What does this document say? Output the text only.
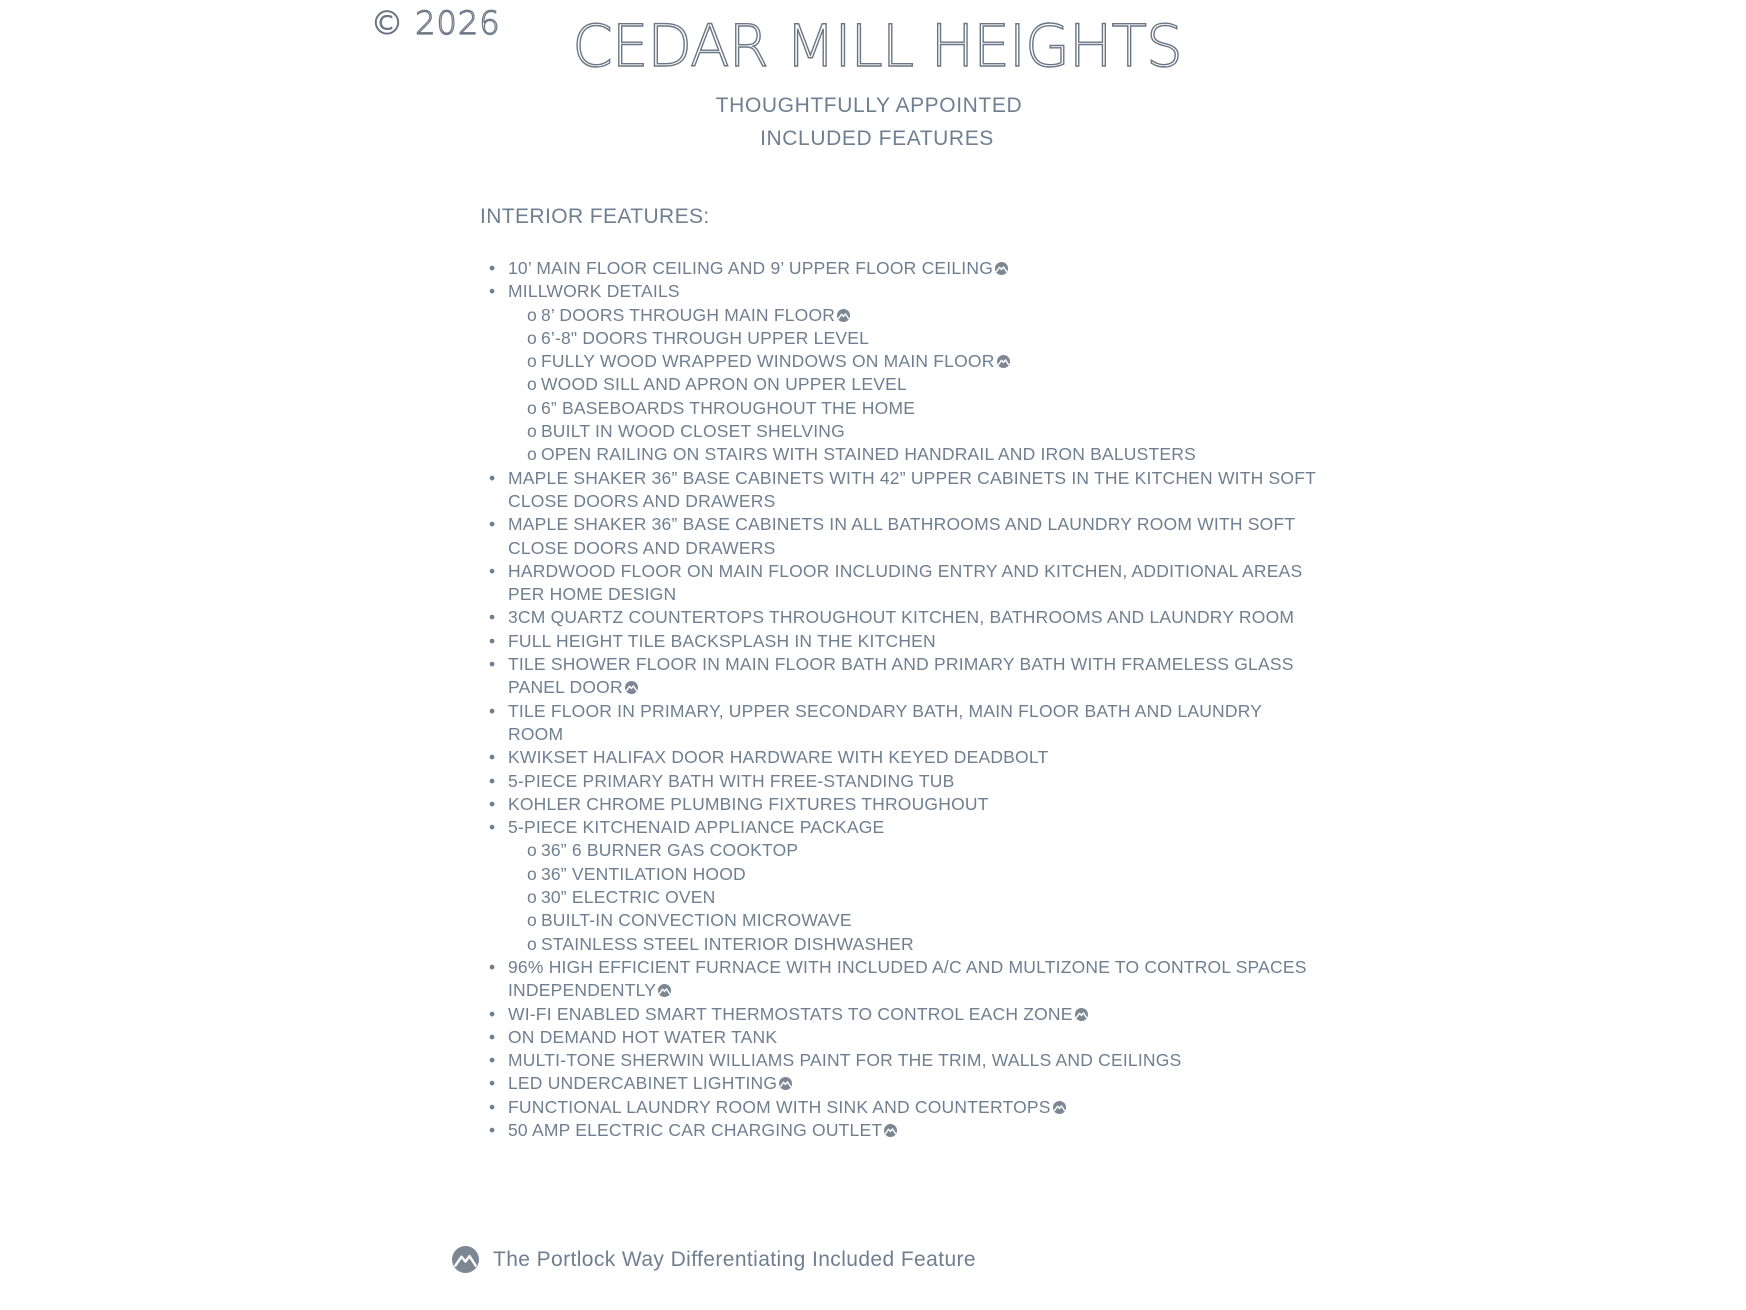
© 2026	CEDAR MILL HEIGHTS
THOUGHTFULLY APPOINTED
INCLUDED FEATURES
INTERIOR FEATURES:
• 10’ MAIN FLOOR CEILING AND 9’ UPPER FLOOR CEILING
• MILLWORK DETAILS
o 8’ DOORS THROUGH MAIN FLOOR
o 6’-8" DOORS THROUGH UPPER LEVEL
o FULLY WOOD WRAPPED WINDOWS ON MAIN FLOOR
o WOOD SILL AND APRON ON UPPER LEVEL
o 6” BASEBOARDS THROUGHOUT THE HOME
o BUILT IN WOOD CLOSET SHELVING
o OPEN RAILING ON STAIRS WITH STAINED HANDRAIL AND IRON BALUSTERS
• MAPLE SHAKER 36” BASE CABINETS WITH 42” UPPER CABINETS IN THE KITCHEN WITH SOFT CLOSE DOORS AND DRAWERS
• MAPLE SHAKER 36” BASE CABINETS IN ALL BATHROOMS AND LAUNDRY ROOM WITH SOFT CLOSE DOORS AND DRAWERS
• HARDWOOD FLOOR ON MAIN FLOOR INCLUDING ENTRY AND KITCHEN, ADDITIONAL AREAS PER HOME DESIGN
• 3CM QUARTZ COUNTERTOPS THROUGHOUT KITCHEN, BATHROOMS AND LAUNDRY ROOM
• FULL HEIGHT TILE BACKSPLASH IN THE KITCHEN
• TILE SHOWER FLOOR IN MAIN FLOOR BATH AND PRIMARY BATH WITH FRAMELESS GLASS PANEL DOOR
• TILE FLOOR IN PRIMARY, UPPER SECONDARY BATH, MAIN FLOOR BATH AND LAUNDRY ROOM
• KWIKSET HALIFAX DOOR HARDWARE WITH KEYED DEADBOLT
• 5-PIECE PRIMARY BATH WITH FREE-STANDING TUB
• KOHLER CHROME PLUMBING FIXTURES THROUGHOUT
• 5-PIECE KITCHENAID APPLIANCE PACKAGE
o 36” 6 BURNER GAS COOKTOP
o 36” VENTILATION HOOD
o 30” ELECTRIC OVEN
o BUILT-IN CONVECTION MICROWAVE
o STAINLESS STEEL INTERIOR DISHWASHER
• 96% HIGH EFFICIENT FURNACE WITH INCLUDED A/C AND MULTIZONE TO CONTROL SPACES INDEPENDENTLY
• WI-FI ENABLED SMART THERMOSTATS TO CONTROL EACH ZONE
• ON DEMAND HOT WATER TANK
• MULTI-TONE SHERWIN WILLIAMS PAINT FOR THE TRIM, WALLS AND CEILINGS
• LED UNDERCABINET LIGHTING
• FUNCTIONAL LAUNDRY ROOM WITH SINK AND COUNTERTOPS
• 50 AMP ELECTRIC CAR CHARGING OUTLET
The Portlock Way Differentiating Included Feature
